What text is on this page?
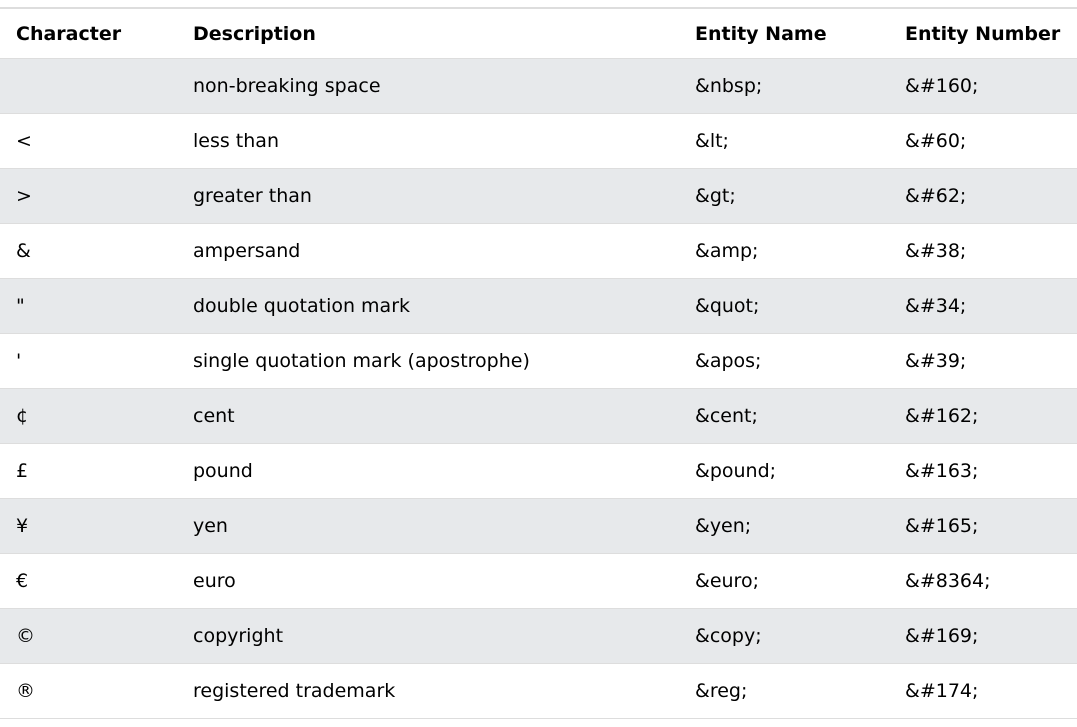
Character	Description	Entity Name	Entity Number
	non-breaking space	&nbsp;	&#160;
<	less than	&lt;	&#60;
>	greater than	&gt;	&#62;
&	ampersand	&amp;	&#38;
"	double quotation mark	&quot;	&#34;
'	single quotation mark (apostrophe)	&apos;	&#39;
¢	cent	&cent;	&#162;
£	pound	&pound;	&#163;
¥	yen	&yen;	&#165;
€	euro	&euro;	&#8364;
©	copyright	&copy;	&#169;
®	registered trademark	&reg;	&#174;
